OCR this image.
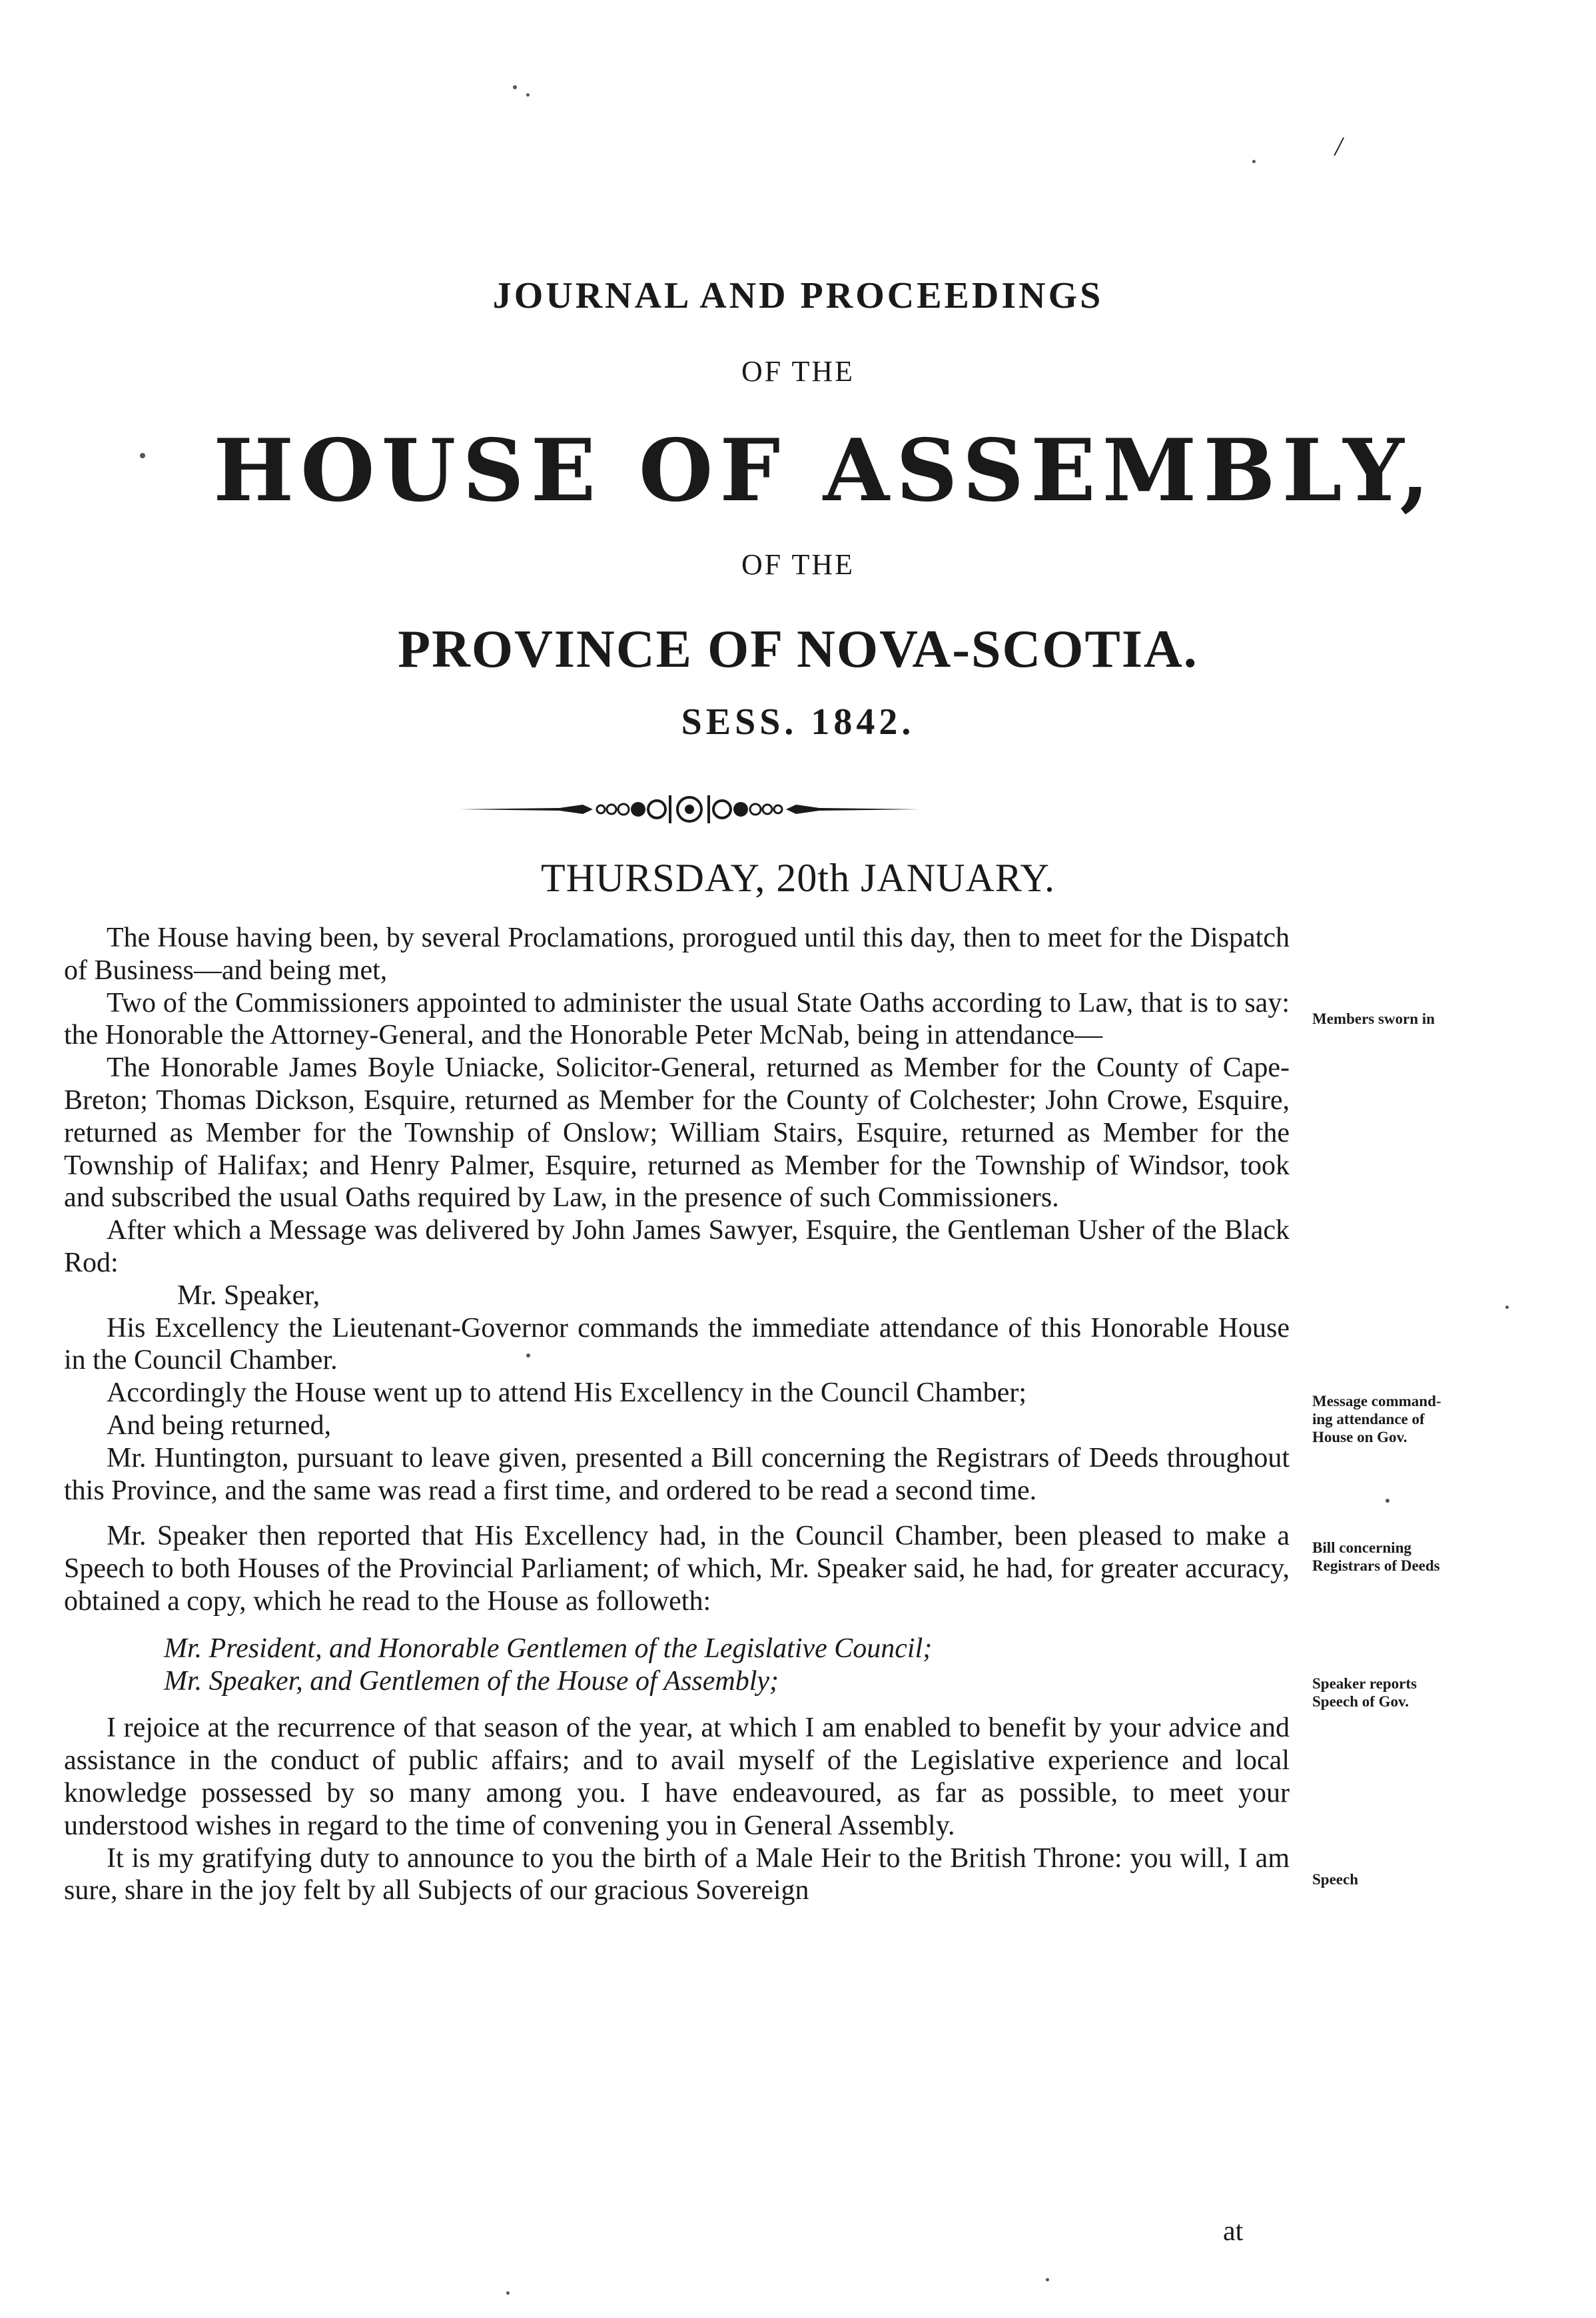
JOURNAL AND PROCEEDINGS
OF THE
HOUSE OF ASSEMBLY,
OF THE
PROVINCE OF NOVA-SCOTIA.
SESS. 1842.
THURSDAY, 20th JANUARY.

The House having been, by several Proclamations, prorogued until this day, then to meet for the Dispatch of Business—and being met,

Two of the Commissioners appointed to administer the usual State Oaths according to Law, that is to say: the Honorable the Attorney-General, and the Honorable Peter McNab, being in attendance—

The Honorable James Boyle Uniacke, Solicitor-General, returned as Member for the County of Cape-Breton; Thomas Dickson, Esquire, returned as Member for the County of Colchester; John Crowe, Esquire, returned as Member for the Township of Onslow; William Stairs, Esquire, returned as Member for the Township of Halifax; and Henry Palmer, Esquire, returned as Member for the Township of Windsor, took and subscribed the usual Oaths required by Law, in the presence of such Commissioners.

After which a Message was delivered by John James Sawyer, Esquire, the Gentleman Usher of the Black Rod:

Mr. Speaker,

His Excellency the Lieutenant-Governor commands the immediate attendance of this Honorable House in the Council Chamber.

Accordingly the House went up to attend His Excellency in the Council Chamber;

And being returned,

Mr. Huntington, pursuant to leave given, presented a Bill concerning the Registrars of Deeds throughout this Province, and the same was read a first time, and ordered to be read a second time.

Mr. Speaker then reported that His Excellency had, in the Council Chamber, been pleased to make a Speech to both Houses of the Provincial Parliament; of which, Mr. Speaker said, he had, for greater accuracy, obtained a copy, which he read to the House as followeth:

Mr. President, and Honorable Gentlemen of the Legislative Council;
Mr. Speaker, and Gentlemen of the House of Assembly;

I rejoice at the recurrence of that season of the year, at which I am enabled to benefit by your advice and assistance in the conduct of public affairs; and to avail myself of the Legislative experience and local knowledge possessed by so many among you. I have endeavoured, as far as possible, to meet your understood wishes in regard to the time of convening you in General Assembly.

It is my gratifying duty to announce to you the birth of a Male Heir to the British Throne: you will, I am sure, share in the joy felt by all Subjects of our gracious Sovereign

at
Members sworn in
Message command-
ing attendance of
House on Gov.
Bill concerning
Registrars of Deeds
Speaker reports
Speech of Gov.
Speech
/
